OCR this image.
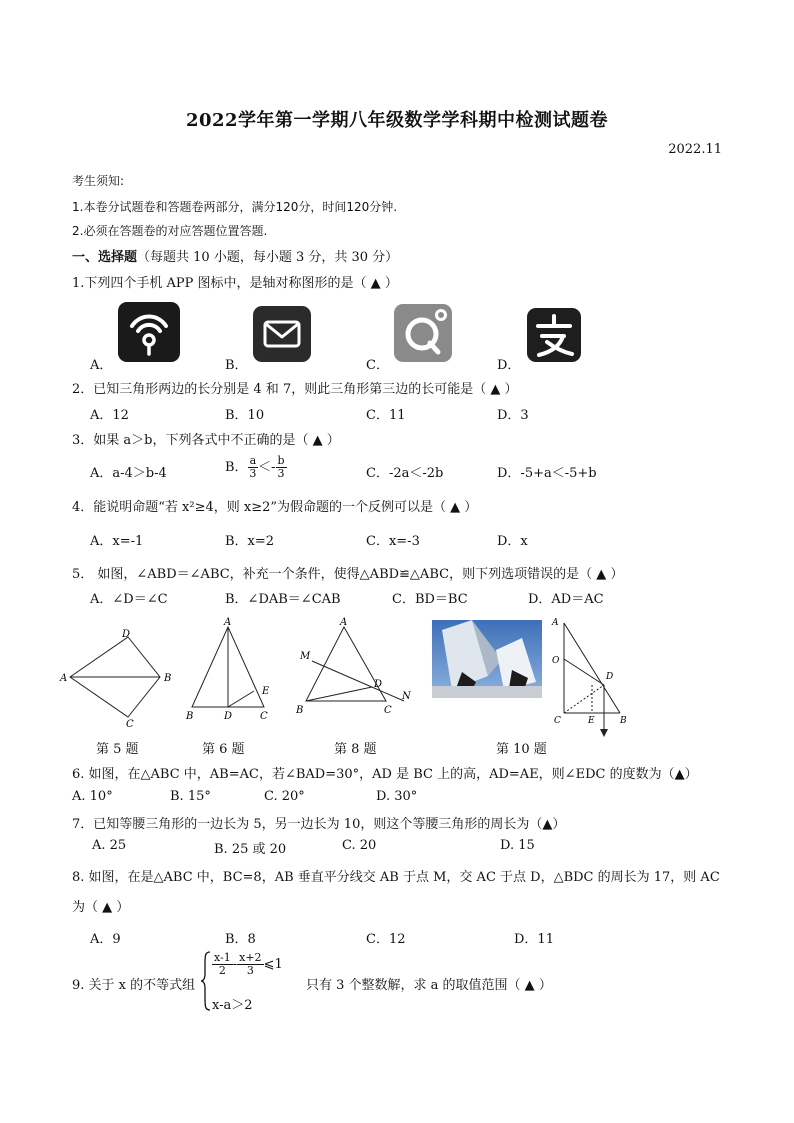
2022学年第一学期八年级数学学科期中检测试题卷
2022.11
考生须知:
1.本卷分试题卷和答题卷两部分，满分120分，时间120分钟.
2.必须在答题卷的对应答题位置答题.
一、选择题（每题共 10 小题，每小题 3 分，共 30 分）
1.下列四个手机 APP 图标中，是轴对称图形的是（ ▲ ）
A．	B．	C．	D．
2．已知三角形两边的长分别是 4 和 7，则此三角形第三边的长可能是（ ▲ ）
A．12	B．10	C．11	D．3
3．如果 a＞b，下列各式中不正确的是（ ▲ ）
A．a-4＞b-4	B． $\frac{a}{3} <- \frac{b}{3}$	C．-2a＜-2b	D．-5+a＜-5+b
4．能说明命题“若 x²≥4，则 x≥2”为假命题的一个反例可以是（ ▲ ）
A．x=-1	B．x=2	C．x=-3	D．x
5． 如图，∠ABD＝∠ABC，补充一个条件，使得△ABD≌△ABC，则下列选项错误的是（ ▲ ）
A．∠D＝∠C	B．∠DAB＝∠CAB	C．BD＝BC	D．AD＝AC
D
A	B
C
A
E
B	D	C
A
M
D
N
B	C
A
O
D
C	E	B
第 5 题	第 6 题	第 8 题	第 10 题
6. 如图，在△ABC 中，AB=AC，若∠BAD=30°，AD 是 BC 上的高，AD=AE，则∠EDC 的度数为（▲）
A. 10°	B. 15°	C. 20°	D. 30°
7．已知等腰三角形的一边长为 5，另一边长为 10，则这个等腰三角形的周长为（▲）
A. 25	B. 25 或 20	C. 20	D. 15
8. 如图，在是△ABC 中，BC=8，AB 垂直平分线交 AB 于点 M，交 AC 于点 D，△BDC 的周长为 17，则 AC
为（ ▲ ）
A．9	B．8	C．12	D．11
9. 关于 x 的不等式组
$\frac{x-1}{2} - \frac{x+2}{3}$ ⩽1
x-a＞2
只有 3 个整数解，求 a 的取值范围（ ▲ ）
